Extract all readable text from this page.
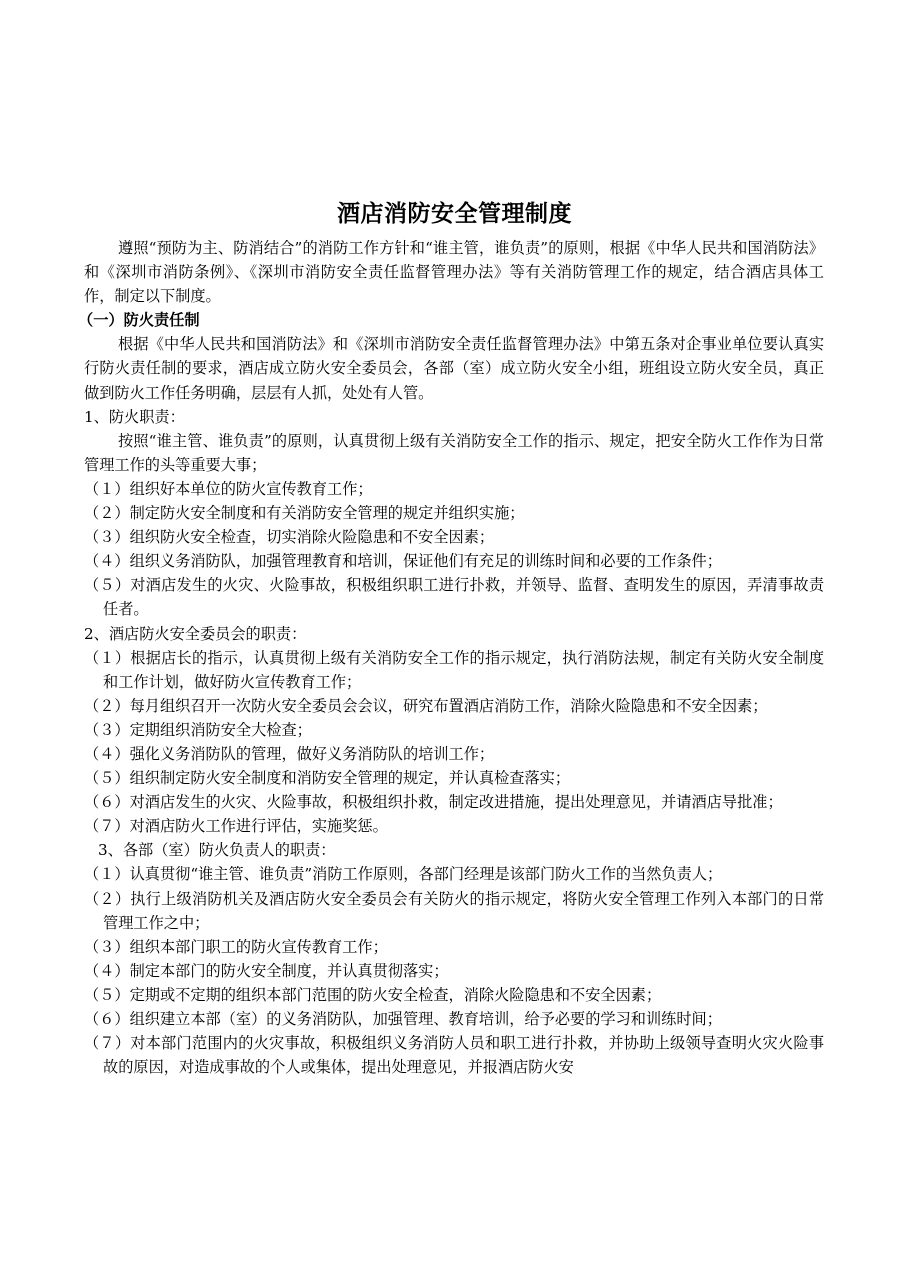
酒店消防安全管理制度

遵照“预防为主、防消结合”的消防工作方针和“谁主管，谁负责”的原则，根据《中华人民共和国消防法》和《深圳市消防条例》、《深圳市消防安全责任监督管理办法》等有关消防管理工作的规定，结合酒店具体工作，制定以下制度。

（一）防火责任制

根据《中华人民共和国消防法》和《深圳市消防安全责任监督管理办法》中第五条对企事业单位要认真实行防火责任制的要求，酒店成立防火安全委员会，各部（室）成立防火安全小组，班组设立防火安全员，真正做到防火工作任务明确，层层有人抓，处处有人管。

1、防火职责：

按照“谁主管、谁负责”的原则，认真贯彻上级有关消防安全工作的指示、规定，把安全防火工作作为日常管理工作的头等重要大事；

（１）组织好本单位的防火宣传教育工作；

（２）制定防火安全制度和有关消防安全管理的规定并组织实施；

（３）组织防火安全检查，切实消除火险隐患和不安全因素；

（４）组织义务消防队，加强管理教育和培训，保证他们有充足的训练时间和必要的工作条件；

（５）对酒店发生的火灾、火险事故，积极组织职工进行扑救，并领导、监督、查明发生的原因，弄清事故责任者。

2、酒店防火安全委员会的职责：

（１）根据店长的指示，认真贯彻上级有关消防安全工作的指示规定，执行消防法规，制定有关防火安全制度和工作计划，做好防火宣传教育工作；

（２）每月组织召开一次防火安全委员会会议，研究布置酒店消防工作，消除火险隐患和不安全因素；

（３）定期组织消防安全大检查；

（４）强化义务消防队的管理，做好义务消防队的培训工作；

（５）组织制定防火安全制度和消防安全管理的规定，并认真检查落实；

（６）对酒店发生的火灾、火险事故，积极组织扑救，制定改进措施，提出处理意见，并请酒店导批准；

（７）对酒店防火工作进行评估，实施奖惩。

3、各部（室）防火负责人的职责：

（１）认真贯彻“谁主管、谁负责”消防工作原则，各部门经理是该部门防火工作的当然负责人；

（２）执行上级消防机关及酒店防火安全委员会有关防火的指示规定，将防火安全管理工作列入本部门的日常管理工作之中；

（３）组织本部门职工的防火宣传教育工作；

（４）制定本部门的防火安全制度，并认真贯彻落实；

（５）定期或不定期的组织本部门范围的防火安全检查，消除火险隐患和不安全因素；

（６）组织建立本部（室）的义务消防队，加强管理、教育培训，给予必要的学习和训练时间；

（７）对本部门范围内的火灾事故，积极组织义务消防人员和职工进行扑救，并协助上级领导查明火灾火险事故的原因，对造成事故的个人或集体，提出处理意见，并报酒店防火安
